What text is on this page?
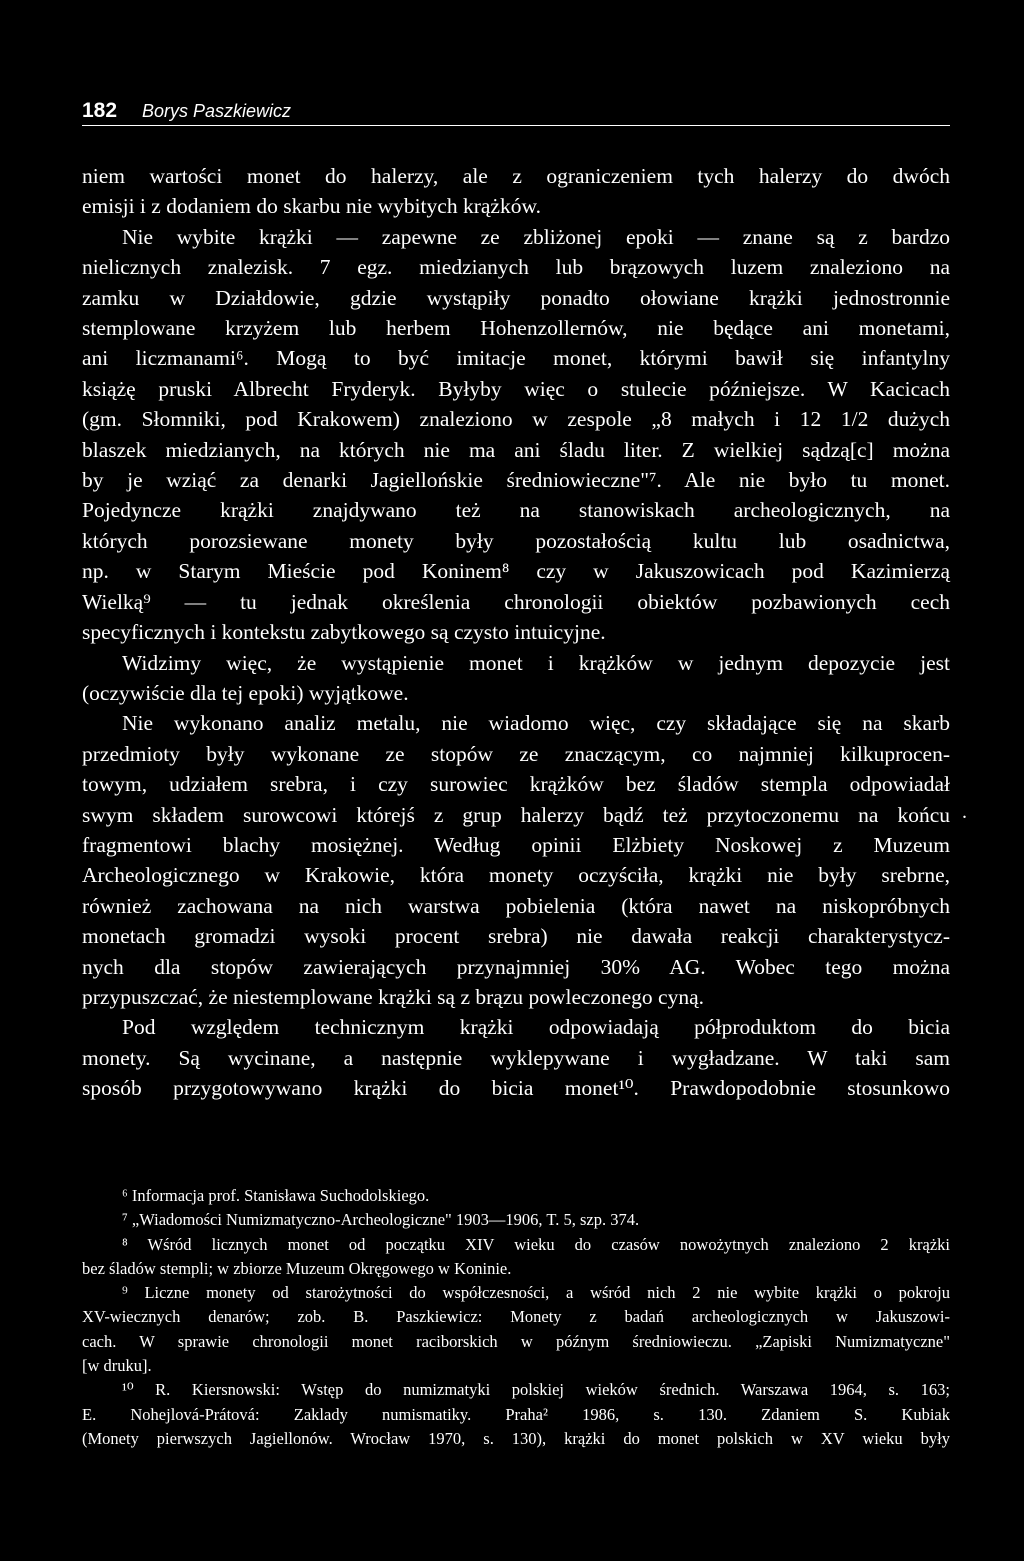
182 Borys Paszkiewicz
niem wartości monet do halerzy, ale z ograniczeniem tych halerzy do dwóch
emisji i z dodaniem do skarbu nie wybitych krążków.
Nie wybite krążki — zapewne ze zbliżonej epoki — znane są z bardzo
nielicznych znalezisk. 7 egz. miedzianych lub brązowych luzem znaleziono na
zamku w Działdowie, gdzie wystąpiły ponadto ołowiane krążki jednostronnie
stemplowane krzyżem lub herbem Hohenzollernów, nie będące ani monetami,
ani liczmanami⁶. Mogą to być imitacje monet, którymi bawił się infantylny
książę pruski Albrecht Fryderyk. Byłyby więc o stulecie późniejsze. W Kacicach
(gm. Słomniki, pod Krakowem) znaleziono w zespole „8 małych i 12 1/2 dużych
blaszek miedzianych, na których nie ma ani śladu liter. Z wielkiej sądzą[c] można
by je wziąć za denarki Jagiellońskie średniowieczne"⁷. Ale nie było tu monet.
Pojedyncze krążki znajdywano też na stanowiskach archeologicznych, na
których porozsiewane monety były pozostałością kultu lub osadnictwa,
np. w Starym Mieście pod Koninem⁸ czy w Jakuszowicach pod Kazimierzą
Wielką⁹ — tu jednak określenia chronologii obiektów pozbawionych cech
specyficznych i kontekstu zabytkowego są czysto intuicyjne.
Widzimy więc, że wystąpienie monet i krążków w jednym depozycie jest
(oczywiście dla tej epoki) wyjątkowe.
Nie wykonano analiz metalu, nie wiadomo więc, czy składające się na skarb
przedmioty były wykonane ze stopów ze znaczącym, co najmniej kilkuprocen-
towym, udziałem srebra, i czy surowiec krążków bez śladów stempla odpowiadał
swym składem surowcowi którejś z grup halerzy bądź też przytoczonemu na końcu
fragmentowi blachy mosiężnej. Według opinii Elżbiety Noskowej z Muzeum
Archeologicznego w Krakowie, która monety oczyściła, krążki nie były srebrne,
również zachowana na nich warstwa pobielenia (która nawet na niskopróbnych
monetach gromadzi wysoki procent srebra) nie dawała reakcji charakterystycz-
nych dla stopów zawierających przynajmniej 30% AG. Wobec tego można
przypuszczać, że niestemplowane krążki są z brązu powleczonego cyną.
Pod względem technicznym krążki odpowiadają półproduktom do bicia
monety. Są wycinane, a następnie wyklepywane i wygładzane. W taki sam
sposób przygotowywano krążki do bicia monet¹⁰. Prawdopodobnie stosunkowo
.
⁶ Informacja prof. Stanisława Suchodolskiego.
⁷ „Wiadomości Numizmatyczno-Archeologiczne" 1903—1906, T. 5, szp. 374.
⁸ Wśród licznych monet od początku XIV wieku do czasów nowożytnych znaleziono 2 krążki
bez śladów stempli; w zbiorze Muzeum Okręgowego w Koninie.
⁹ Liczne monety od starożytności do współczesności, a wśród nich 2 nie wybite krążki o pokroju
XV-wiecznych denarów; zob. B. Paszkiewicz: Monety z badań archeologicznych w Jakuszowi-
cach. W sprawie chronologii monet raciborskich w późnym średniowieczu. „Zapiski Numizmatyczne"
[w druku].
¹⁰ R. Kiersnowski: Wstęp do numizmatyki polskiej wieków średnich. Warszawa 1964, s. 163;
E. Nohejlová-Prátová: Zaklady numismatiky. Praha² 1986, s. 130. Zdaniem S. Kubiak
(Monety pierwszych Jagiellonów. Wrocław 1970, s. 130), krążki do monet polskich w XV wieku były
